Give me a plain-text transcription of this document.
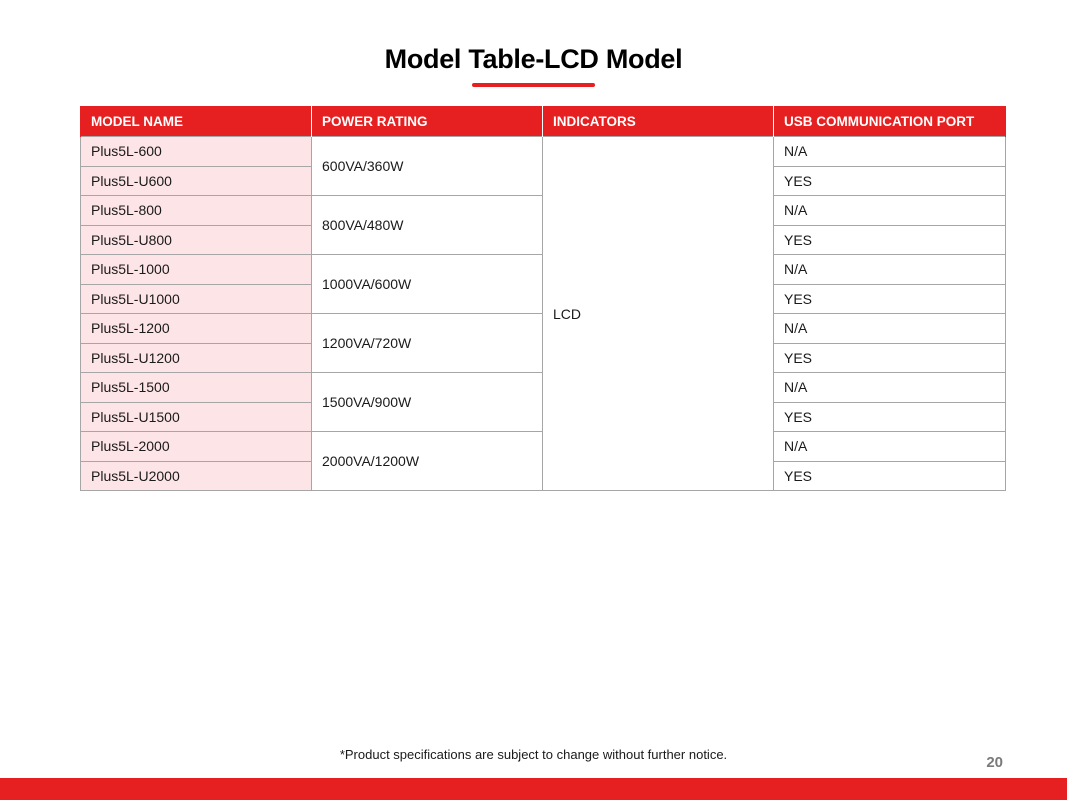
Model Table-LCD Model
MODEL NAME	POWER RATING	INDICATORS	USB COMMUNICATION PORT
Plus5L-600	600VA/360W	LCD	N/A
Plus5L-U600			YES
Plus5L-800	800VA/480W		N/A
Plus5L-U800			YES
Plus5L-1000	1000VA/600W		N/A
Plus5L-U1000			YES
Plus5L-1200	1200VA/720W		N/A
Plus5L-U1200			YES
Plus5L-1500	1500VA/900W		N/A
Plus5L-U1500			YES
Plus5L-2000	2000VA/1200W		N/A
Plus5L-U2000			YES
*Product specifications are subject to change without further notice.	20
